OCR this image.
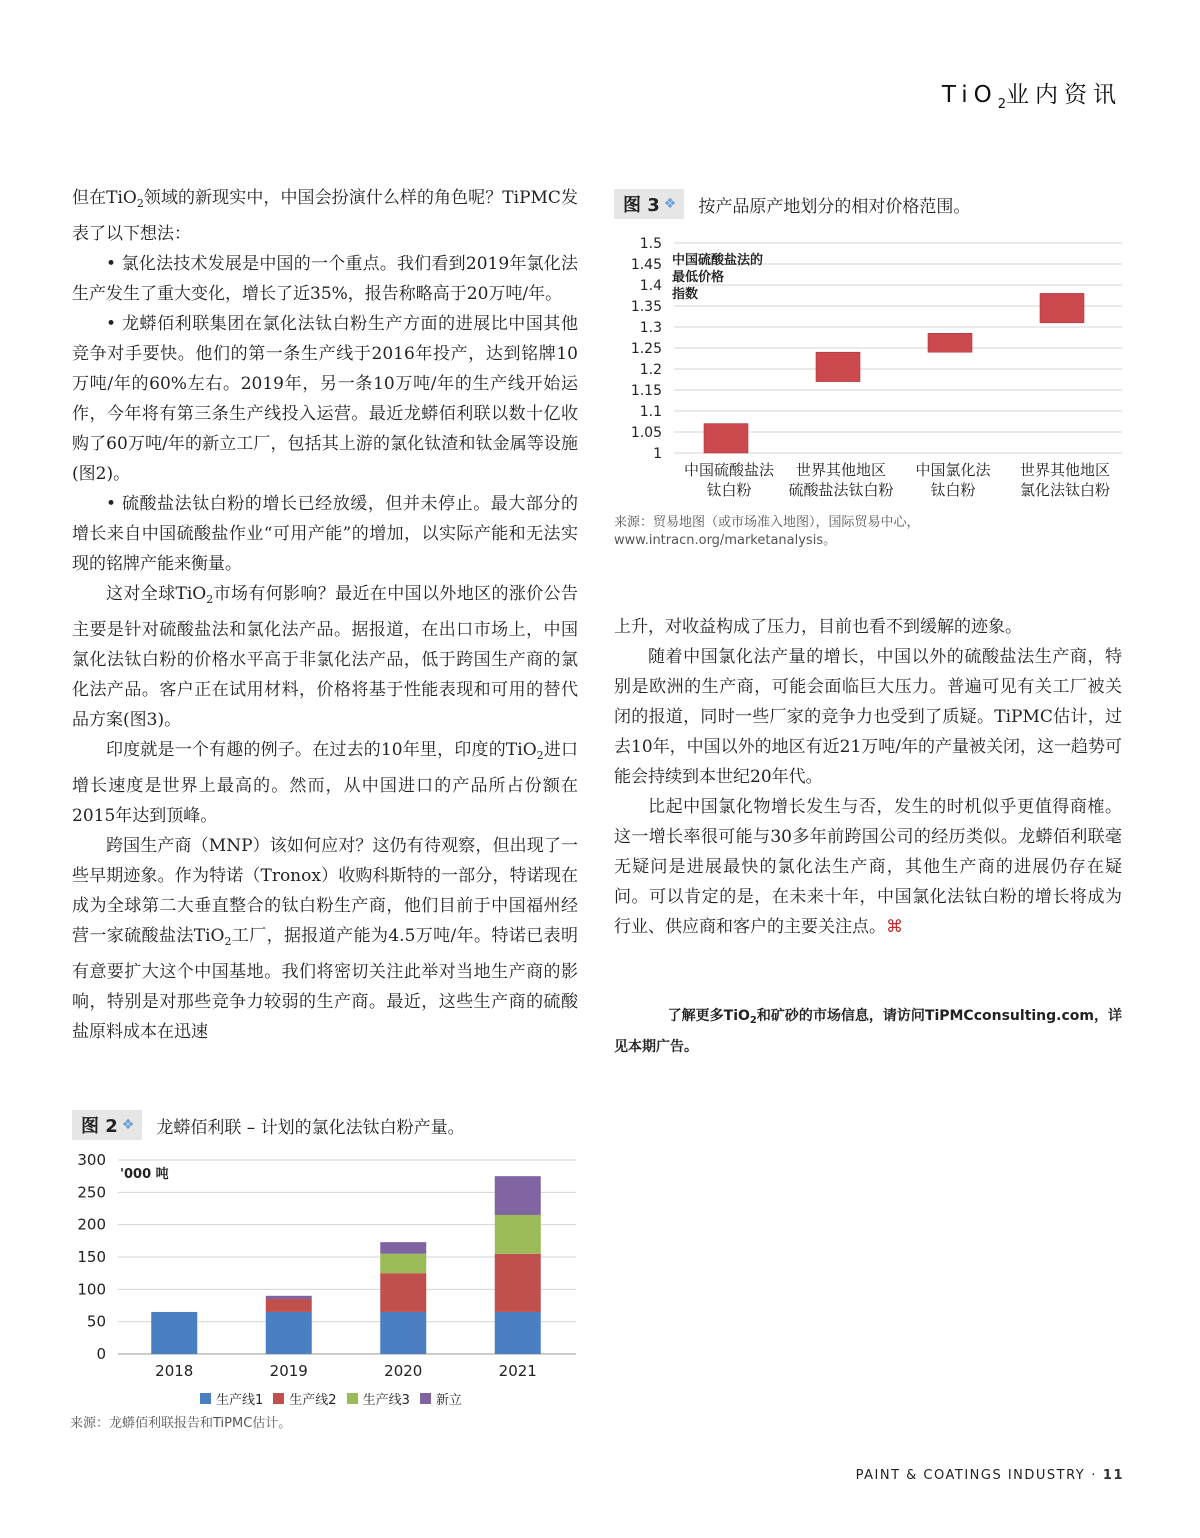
TiO$_2$业内资讯

但在TiO$_2$领域的新现实中，中国会扮演什么样的角色呢？TiPMC发表了以下想法：

• 氯化法技术发展是中国的一个重点。我们看到2019年氯化法生产发生了重大变化，增长了近35%，报告称略高于20万吨/年。

• 龙蟒佰利联集团在氯化法钛白粉生产方面的进展比中国其他竞争对手要快。他们的第一条生产线于2016年投产，达到铭牌10万吨/年的60%左右。2019年，另一条10万吨/年的生产线开始运作，今年将有第三条生产线投入运营。最近龙蟒佰利联以数十亿收购了60万吨/年的新立工厂，包括其上游的氯化钛渣和钛金属等设施(图2)。

• 硫酸盐法钛白粉的增长已经放缓，但并未停止。最大部分的增长来自中国硫酸盐作业“可用产能”的增加，以实际产能和无法实现的铭牌产能来衡量。

这对全球TiO$_2$市场有何影响？最近在中国以外地区的涨价公告主要是针对硫酸盐法和氯化法产品。据报道，在出口市场上，中国氯化法钛白粉的价格水平高于非氯化法产品，低于跨国生产商的氯化法产品。客户正在试用材料，价格将基于性能表现和可用的替代品方案(图3)。

印度就是一个有趣的例子。在过去的10年里，印度的TiO$_2$进口增长速度是世界上最高的。然而，从中国进口的产品所占份额在2015年达到顶峰。

跨国生产商（MNP）该如何应对？这仍有待观察，但出现了一些早期迹象。作为特诺（Tronox）收购科斯特的一部分，特诺现在成为全球第二大垂直整合的钛白粉生产商，他们目前于中国福州经营一家硫酸盐法TiO$_2$工厂，据报道产能为4.5万吨/年。特诺已表明有意要扩大这个中国基地。我们将密切关注此举对当地生产商的影响，特别是对那些竞争力较弱的生产商。最近，这些生产商的硫酸盐原料成本在迅速

图 3 ❖ 按产品原产地划分的相对价格范围。
1.5
1.45
1.4
1.35
1.3
1.25
1.2
1.15
1.1
1.05
1
中国硫酸盐法
钛白粉
世界其他地区
硫酸盐法钛白粉
中国氯化法
钛白粉
世界其他地区
氯化法钛白粉
中国硫酸盐法的
最低价格
指数
来源：贸易地图（或市场准入地图），国际贸易中心，www.intracn.org/marketanalysis。

上升，对收益构成了压力，目前也看不到缓解的迹象。

随着中国氯化法产量的增长，中国以外的硫酸盐法生产商，特别是欧洲的生产商，可能会面临巨大压力。普遍可见有关工厂被关闭的报道，同时一些厂家的竞争力也受到了质疑。TiPMC估计，过去10年，中国以外的地区有近21万吨/年的产量被关闭，这一趋势可能会持续到本世纪20年代。

比起中国氯化物增长发生与否，发生的时机似乎更值得商榷。这一增长率很可能与30多年前跨国公司的经历类似。龙蟒佰利联毫无疑问是进展最快的氯化法生产商，其他生产商的进展仍存在疑问。可以肯定的是，在未来十年，中国氯化法钛白粉的增长将成为行业、供应商和客户的主要关注点。⌘

了解更多TiO$_2$和矿砂的市场信息，请访问TiPMCconsulting.com，详
见本期广告。
图 2 ❖ 龙蟒佰利联 – 计划的氯化法钛白粉产量。
300
250
200
150
100
50
0
2018	2019	2020	2021
'000 吨
生产线1 生产线2 生产线3 新立
来源：龙蟒佰利联报告和TiPMC估计。
PAINT & COATINGS INDUSTRY · 11
